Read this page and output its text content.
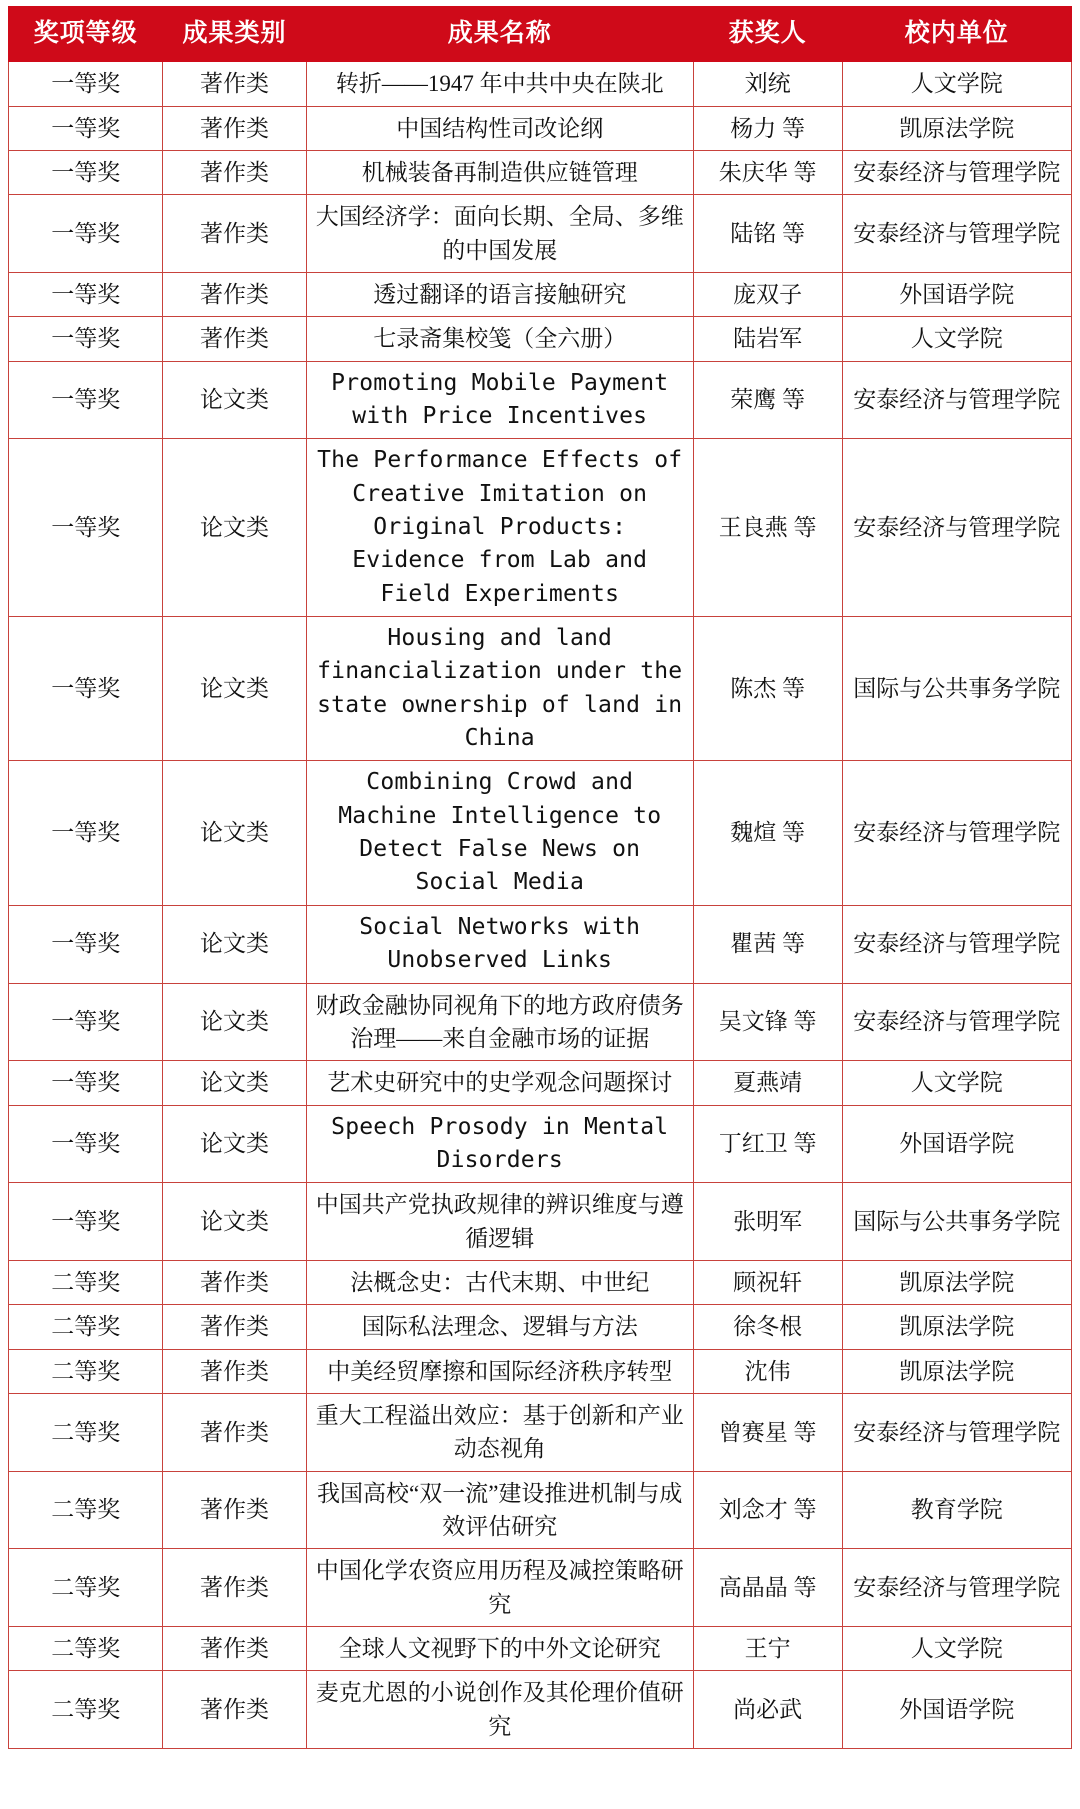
奖项等级	成果类别	成果名称	获奖人	校内单位
一等奖	著作类	转折——1947 年中共中央在陕北	刘统	人文学院
一等奖	著作类	中国结构性司改论纲	杨力 等	凯原法学院
一等奖	著作类	机械装备再制造供应链管理	朱庆华 等	安泰经济与管理学院
一等奖	著作类	大国经济学：面向长期、全局、多维的中国发展	陆铭 等	安泰经济与管理学院
一等奖	著作类	透过翻译的语言接触研究	庞双子	外国语学院
一等奖	著作类	七录斋集校笺（全六册）	陆岩军	人文学院
一等奖	论文类	Promoting Mobile Payment with Price Incentives	荣鹰 等	安泰经济与管理学院
一等奖	论文类	The Performance Effects of Creative Imitation on Original Products: Evidence from Lab and Field Experiments	王良燕 等	安泰经济与管理学院
一等奖	论文类	Housing and land financialization under the state ownership of land in China	陈杰 等	国际与公共事务学院
一等奖	论文类	Combining Crowd and Machine Intelligence to Detect False News on Social Media	魏煊 等	安泰经济与管理学院
一等奖	论文类	Social Networks with Unobserved Links	瞿茜 等	安泰经济与管理学院
一等奖	论文类	财政金融协同视角下的地方政府债务治理——来自金融市场的证据	吴文锋 等	安泰经济与管理学院
一等奖	论文类	艺术史研究中的史学观念问题探讨	夏燕靖	人文学院
一等奖	论文类	Speech Prosody in Mental Disorders	丁红卫 等	外国语学院
一等奖	论文类	中国共产党执政规律的辨识维度与遵循逻辑	张明军	国际与公共事务学院
二等奖	著作类	法概念史：古代末期、中世纪	顾祝轩	凯原法学院
二等奖	著作类	国际私法理念、逻辑与方法	徐冬根	凯原法学院
二等奖	著作类	中美经贸摩擦和国际经济秩序转型	沈伟	凯原法学院
二等奖	著作类	重大工程溢出效应：基于创新和产业动态视角	曾赛星 等	安泰经济与管理学院
二等奖	著作类	我国高校“双一流”建设推进机制与成效评估研究	刘念才 等	教育学院
二等奖	著作类	中国化学农资应用历程及减控策略研究	高晶晶 等	安泰经济与管理学院
二等奖	著作类	全球人文视野下的中外文论研究	王宁	人文学院
二等奖	著作类	麦克尤恩的小说创作及其伦理价值研究	尚必武	外国语学院
